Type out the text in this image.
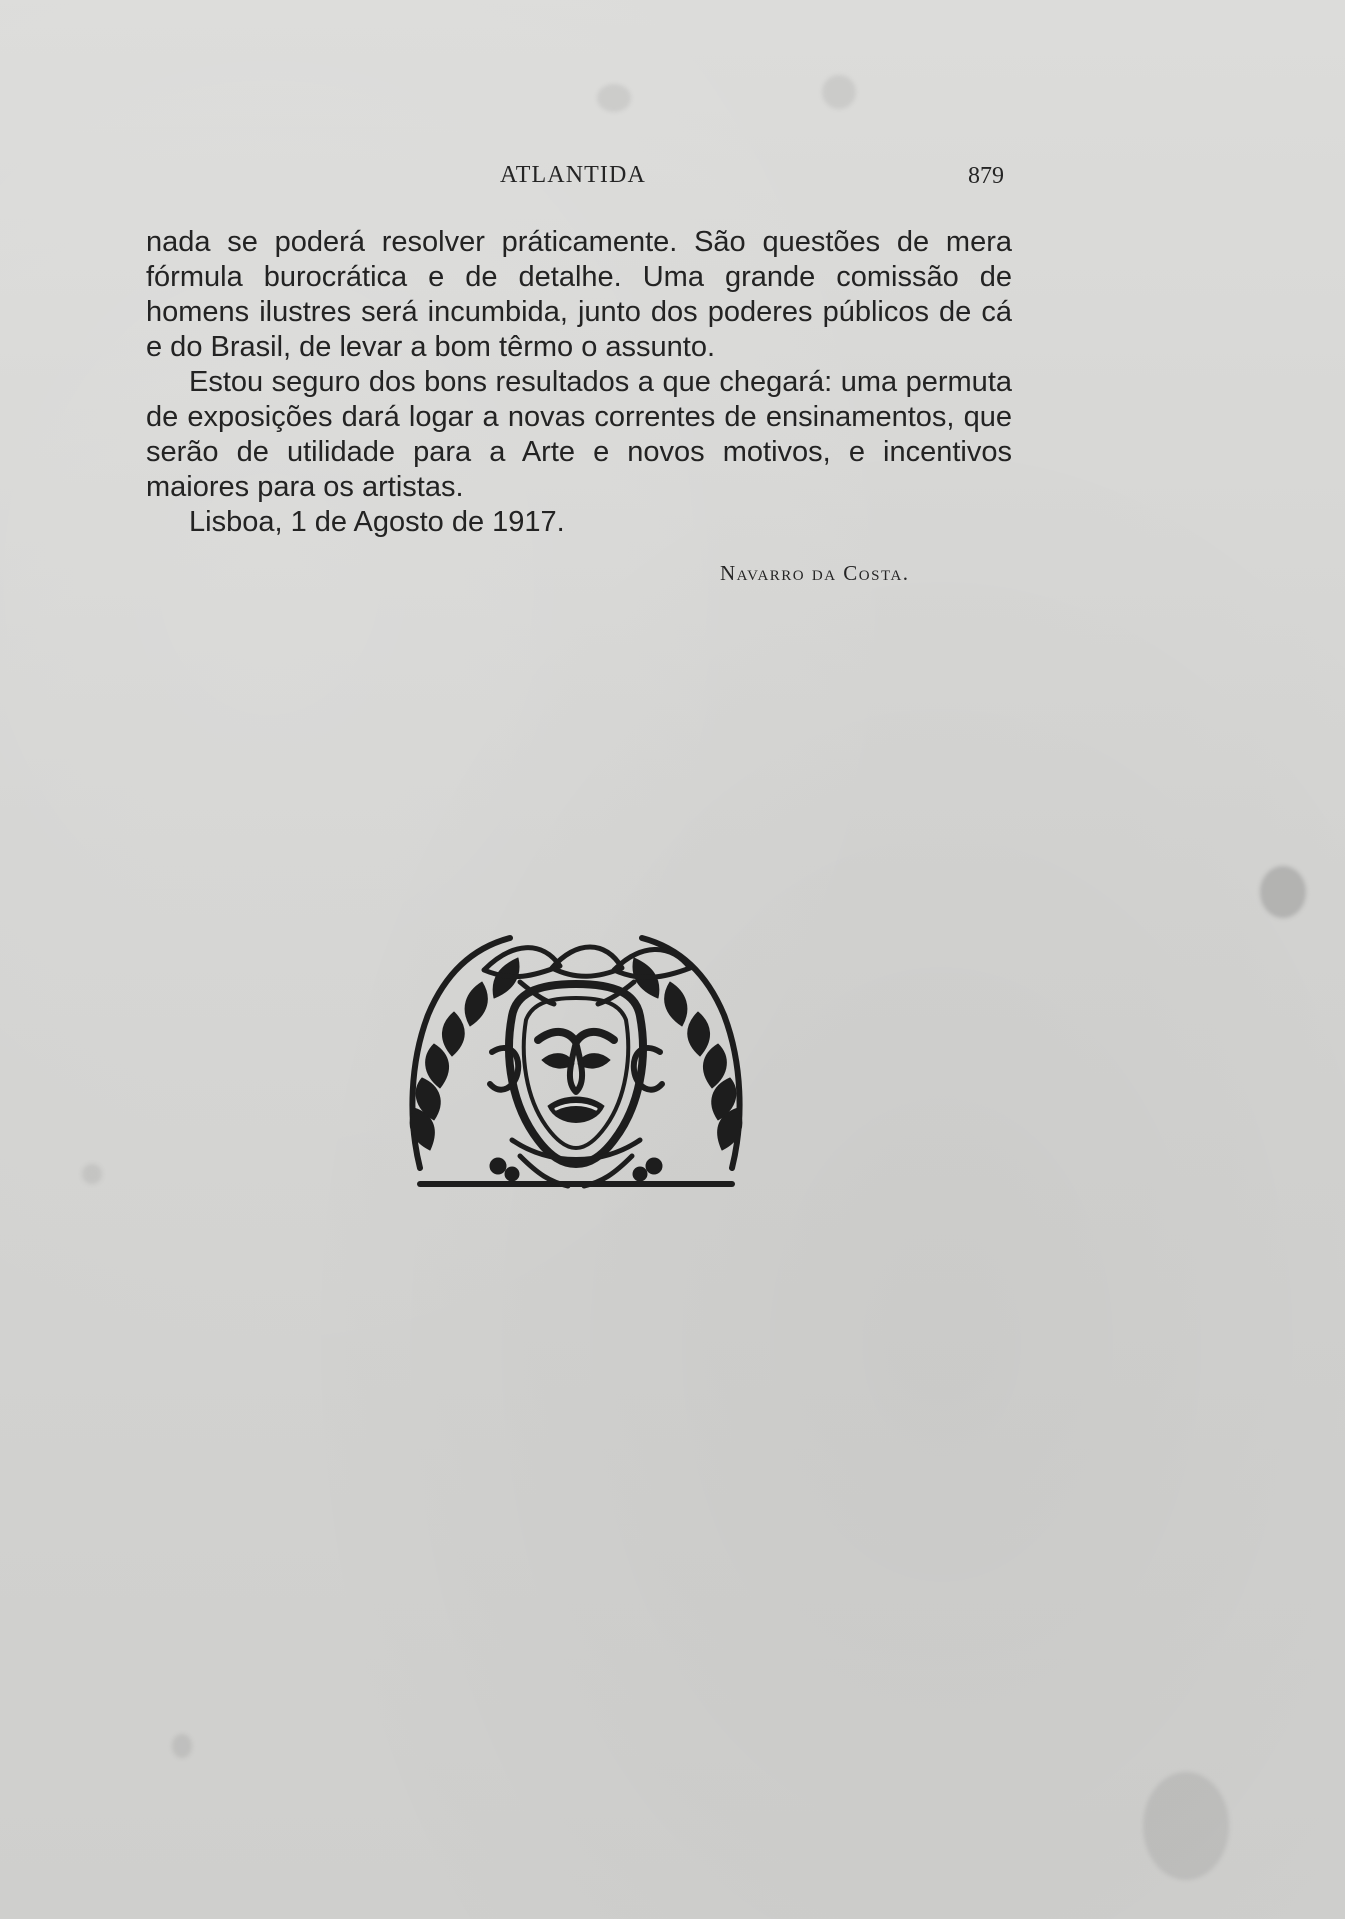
ATLANTIDA	879

nada se poderá resolver práticamente. São questões de mera fórmula burocrática e de detalhe. Uma grande comissão de homens ilustres será incumbida, junto dos poderes públicos de cá e do Brasil, de levar a bom têrmo o assunto.

Estou seguro dos bons resultados a que chegará: uma permuta de exposições dará logar a novas correntes de ensinamentos, que serão de utilidade para a Arte e novos motivos, e incentivos maiores para os artistas.

Lisboa, 1 de Agosto de 1917.

Navarro da Costa.
